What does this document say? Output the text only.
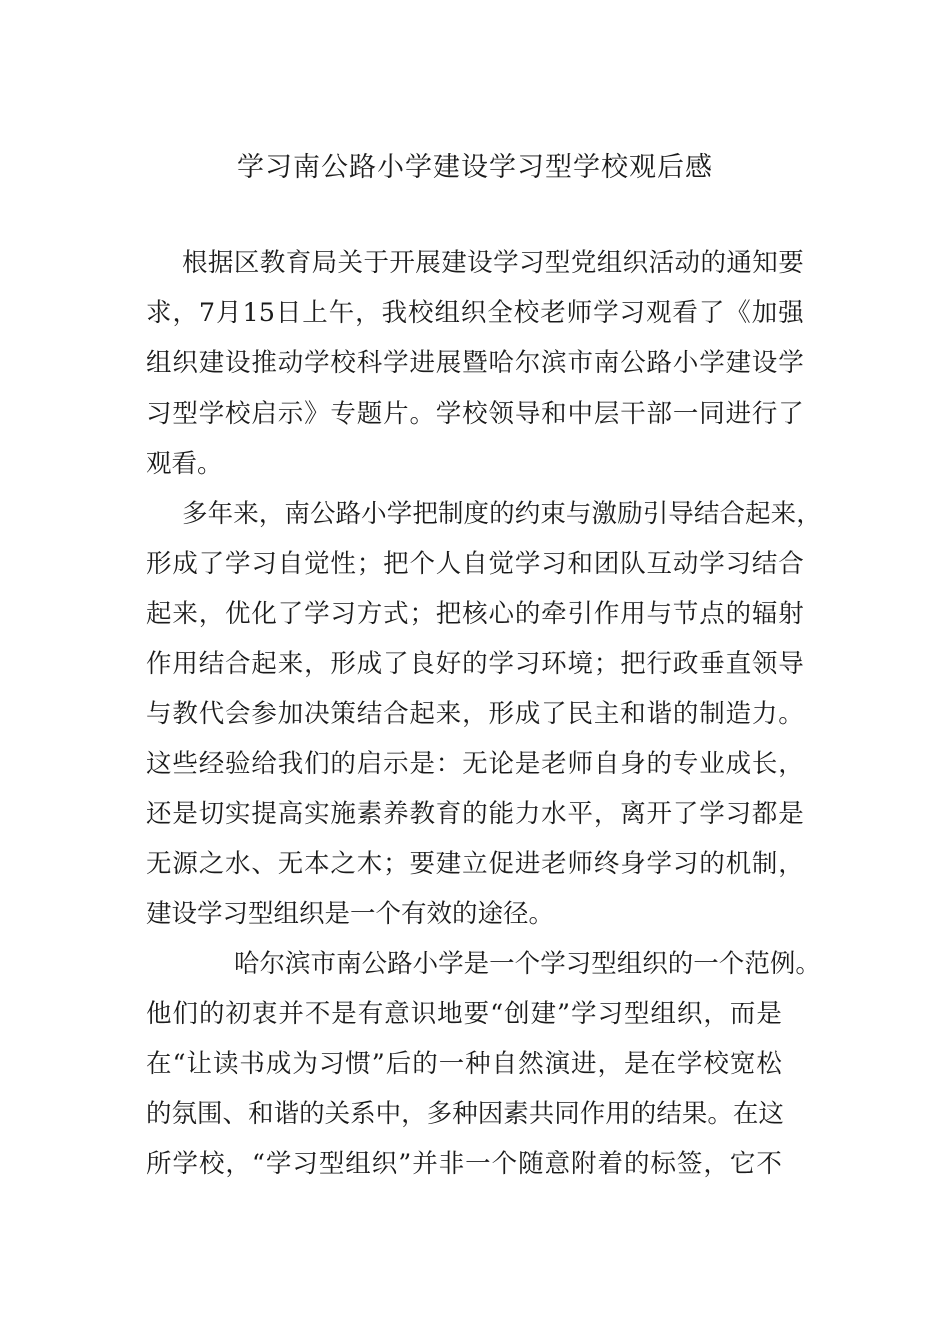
学习南公路小学建设学习型学校观后感
根 据 区 教 育 局 关 于 开 展 建 设 学 习 型 党 组 织 活 动 的 通 知 要
求 ， 7 月 15 日 上 午 ， 我 校 组 织 全 校 老 师 学 习 观 看 了 《 加 强
组 织 建 设 推 动 学 校 科 学 进 展 暨 哈 尔 滨 市 南 公 路 小 学 建 设 学
习 型 学 校 启 示 》 专 题 片 。 学 校 领 导 和 中 层 干 部 一 同 进 行 了
观看。
多 年 来 ， 南 公 路 小 学 把 制 度 的 约 束 与 激 励 引 导 结 合 起 来 ，
形 成 了 学 习 自 觉 性 ； 把 个 人 自 觉 学 习 和 团 队 互 动 学 习 结 合
起 来 ， 优 化 了 学 习 方 式 ； 把 核 心 的 牵 引 作 用 与 节 点 的 辐 射
作 用 结 合 起 来 ， 形 成 了 良 好 的 学 习 环 境 ； 把 行 政 垂 直 领 导
与 教 代 会 参 加 决 策 结 合 起 来 ， 形 成 了 民 主 和 谐 的 制 造 力 。
这 些 经 验 给 我 们 的 启 示 是 ： 无 论 是 老 师 自 身 的 专 业 成 长 ，
还 是 切 实 提 高 实 施 素 养 教 育 的 能 力 水 平 ， 离 开 了 学 习 都 是
无 源 之 水 、 无 本 之 木 ； 要 建 立 促 进 老 师 终 身 学 习 的 机 制 ，
建设学习型组织是一个有效的途径。
哈 尔 滨 市 南 公 路 小 学 是 一 个 学 习 型 组 织 的 一 个 范 例 。
他 们 的 初 衷 并 不 是 有 意 识 地 要 “ 创 建 ” 学 习 型 组 织 ， 而 是
在 “ 让 读 书 成 为 习 惯 ” 后 的 一 种 自 然 演 进 ， 是 在 学 校 宽 松
的 氛 围 、 和 谐 的 关 系 中 ， 多 种 因 素 共 同 作 用 的 结 果 。 在 这
所 学 校 ， “ 学 习 型 组 织 ” 并 非 一 个 随 意 附 着 的 标 签 ， 它 不
